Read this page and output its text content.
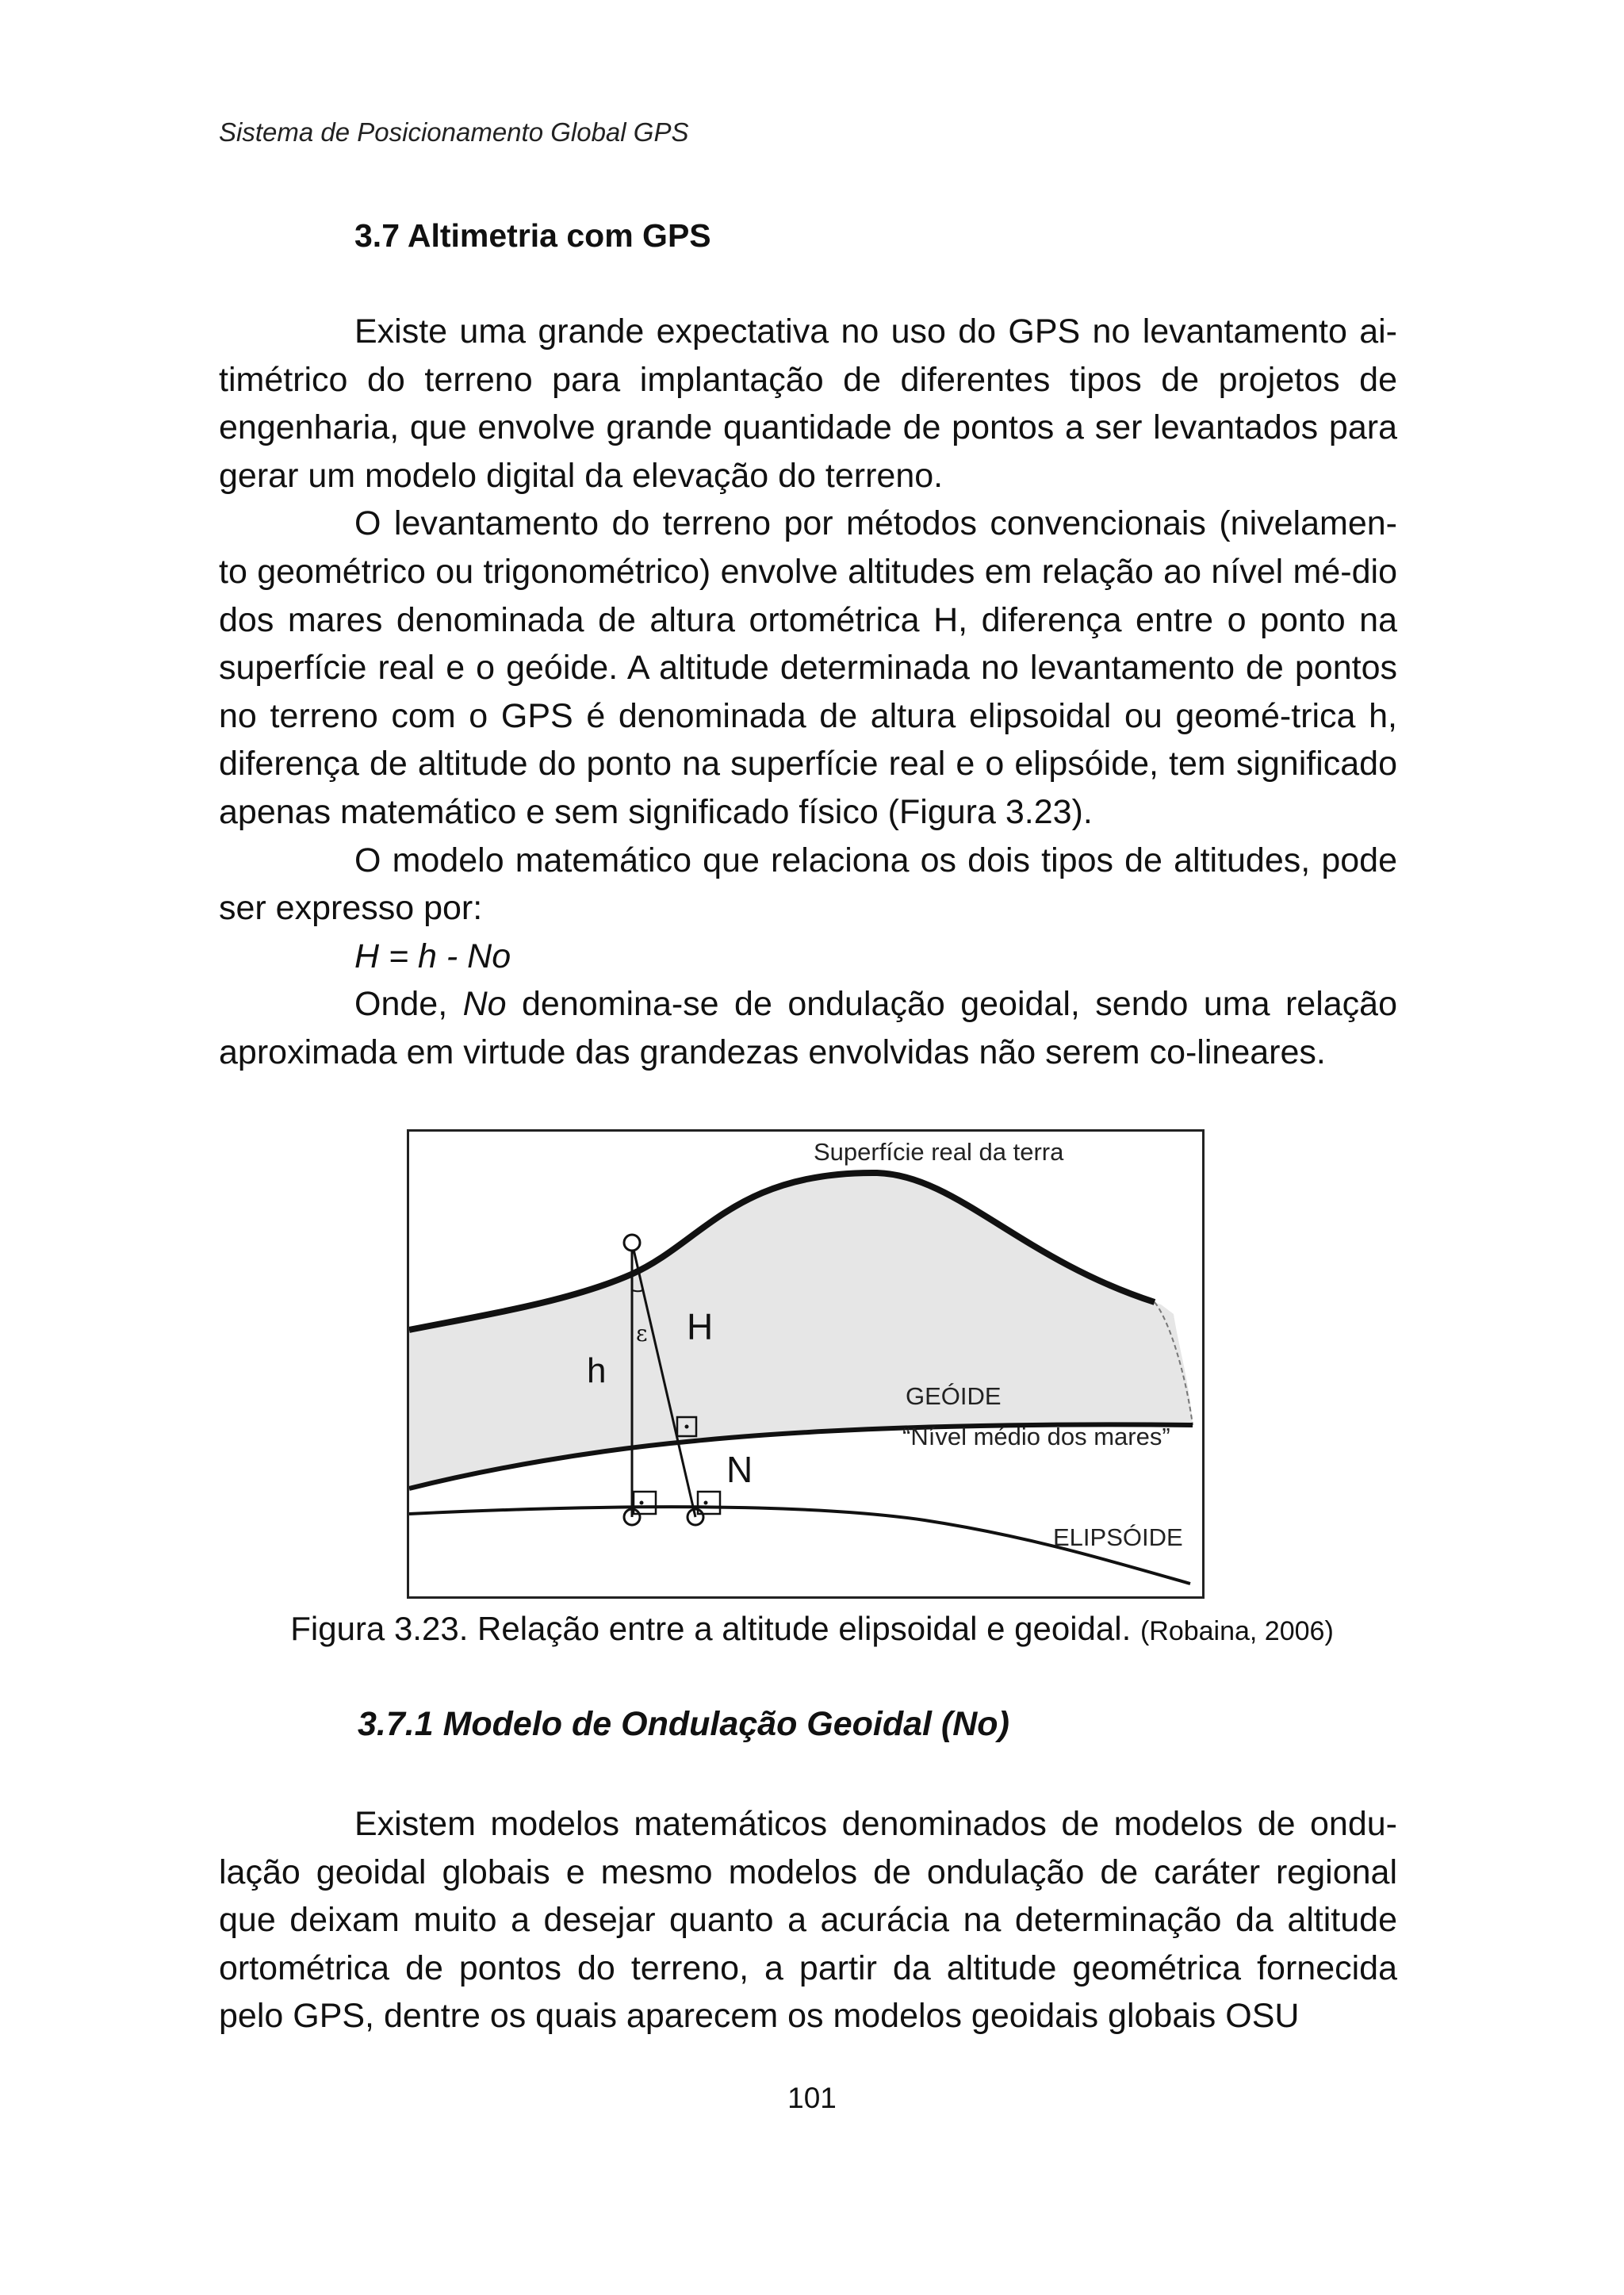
Sistema de Posicionamento Global GPS
3.7 Altimetria com GPS

Existe uma grande expectativa no uso do GPS no levantamento ai-timétrico do terreno para implantação de diferentes tipos de projetos de engenharia, que envolve grande quantidade de pontos a ser levantados para gerar um modelo digital da elevação do terreno.

O levantamento do terreno por métodos convencionais (nivelamen-to geométrico ou trigonométrico) envolve altitudes em relação ao nível mé-dio dos mares denominada de altura ortométrica H, diferença entre o ponto na superfície real e o geóide. A altitude determinada no levantamento de pontos no terreno com o GPS é denominada de altura elipsoidal ou geomé-trica h, diferença de altitude do ponto na superfície real e o elipsóide, tem significado apenas matemático e sem significado físico (Figura 3.23).

O modelo matemático que relaciona os dois tipos de altitudes, pode ser expresso por:

H = h - No

Onde, No denomina-se de ondulação geoidal, sendo uma relação aproximada em virtude das grandezas envolvidas não serem co-lineares.

Superfície real da terra
ε H
h
GEÓIDE
“Nível médio dos mares”
N
ELIPSÓIDE
Figura 3.23. Relação entre a altitude elipsoidal e geoidal. (Robaina, 2006)
3.7.1 Modelo de Ondulação Geoidal (No)

Existem modelos matemáticos denominados de modelos de ondu-lação geoidal globais e mesmo modelos de ondulação de caráter regional que deixam muito a desejar quanto a acurácia na determinação da altitude ortométrica de pontos do terreno, a partir da altitude geométrica fornecida pelo GPS, dentre os quais aparecem os modelos geoidais globais OSU

101
